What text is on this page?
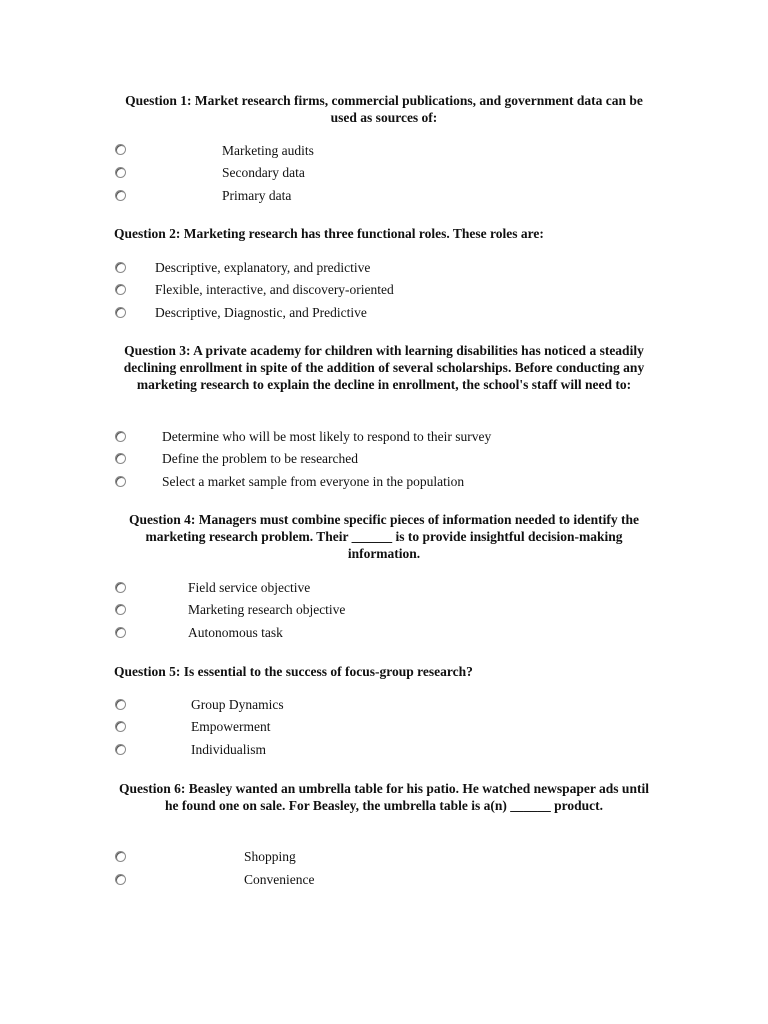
Question 1: Market research firms, commercial publications, and government data can be used as sources of:

Marketing audits
Secondary data
Primary data

Question 2: Marketing research has three functional roles. These roles are:

Descriptive, explanatory, and predictive
Flexible, interactive, and discovery-oriented
Descriptive, Diagnostic, and Predictive

Question 3: A private academy for children with learning disabilities has noticed a steadily declining enrollment in spite of the addition of several scholarships. Before conducting any marketing research to explain the decline in enrollment, the school's staff will need to:

Determine who will be most likely to respond to their survey
Define the problem to be researched
Select a market sample from everyone in the population

Question 4: Managers must combine specific pieces of information needed to identify the marketing research problem. Their ______ is to provide insightful decision-making information.

Field service objective
Marketing research objective
Autonomous task

Question 5: Is essential to the success of focus-group research?

Group Dynamics
Empowerment
Individualism

Question 6: Beasley wanted an umbrella table for his patio. He watched newspaper ads until he found one on sale. For Beasley, the umbrella table is a(n) ______ product.

Shopping
Convenience
